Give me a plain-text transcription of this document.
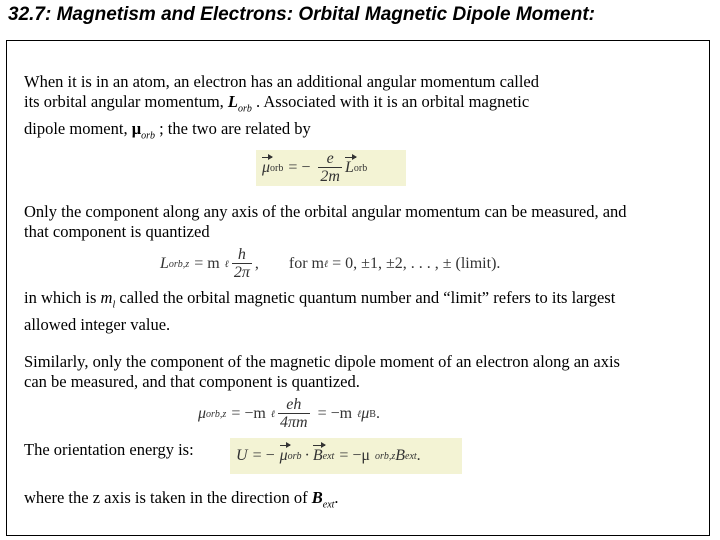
32.7: Magnetism and Electrons: Orbital Magnetic Dipole Moment:
When it is in an atom, an electron has an additional angular momentum called
its orbital angular momentum, $L_{orb}$ . Associated with it is an orbital magnetic
dipole moment, $\mu_{orb}$ ; the two are related by
μ orb = − $\frac{e}{2m}$ L orb
Only the component along any axis of the orbital angular momentum can be measured, and
that component is quantized
L orb,z = m ℓ $\frac{h}{2\pi}$ , for m ℓ = 0, ±1, ±2, . . . , ± (limit).
in which is $m_l$ called the orbital magnetic quantum number and “limit” refers to its largest
allowed integer value.
Similarly, only the component of the magnetic dipole moment of an electron along an axis
can be measured, and that component is quantized.
μ orb,z = −m ℓ $\frac{eh}{4\pi m} = -m$ ℓ μ B .
The orientation energy is:	U = − μ orb · B ext = −μ orb,z B ext .
where the z axis is taken in the direction of $B_{ext}$.
